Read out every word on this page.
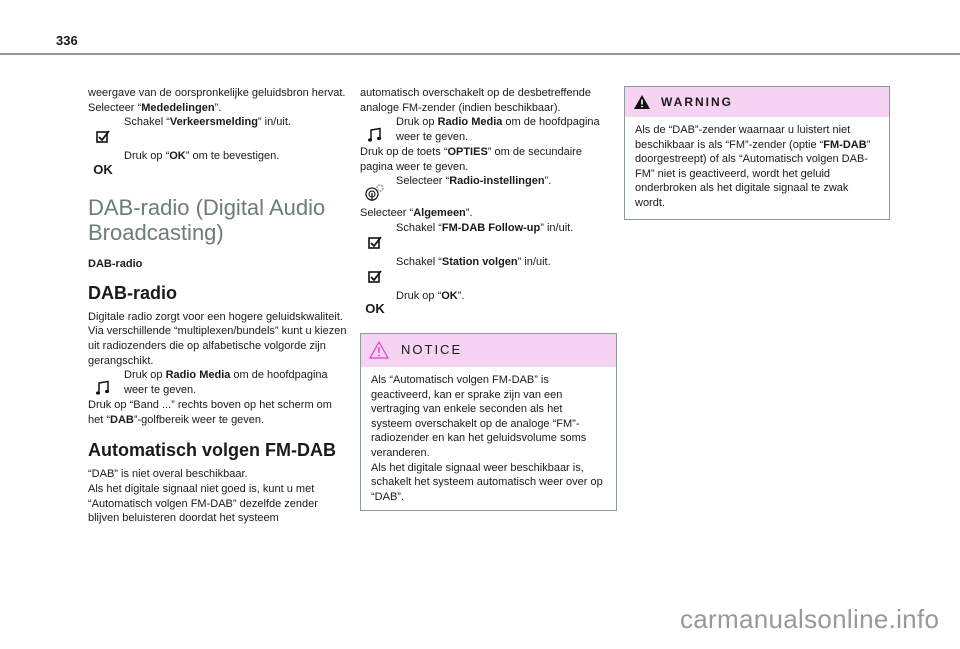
336
weergave van de oorspronkelijke geluidsbron hervat.
Selecteer “Mededelingen”.
Schakel “Verkeersmelding” in/uit.
OK
Druk op “OK” om te bevestigen.
DAB-radio (Digital Audio Broadcasting)
DAB-radio
DAB-radio
Digitale radio zorgt voor een hogere geluidskwaliteit.
Via verschillende “multiplexen/bundels” kunt u kiezen uit radiozenders die op alfabetische volgorde zijn gerangschikt.
Druk op Radio Media om de hoofdpagina weer te geven.
Druk op “Band ...” rechts boven op het scherm om het “DAB”-golfbereik weer te geven.
Automatisch volgen FM-DAB
“DAB” is niet overal beschikbaar.
Als het digitale signaal niet goed is, kunt u met “Automatisch volgen FM-DAB” dezelfde zender blijven beluisteren doordat het systeem
automatisch overschakelt op de desbetreffende analoge FM-zender (indien beschikbaar).
Druk op Radio Media om de hoofdpagina weer te geven.
Druk op de toets “OPTIES” om de secundaire pagina weer te geven.
Selecteer “Radio-instellingen”.
Selecteer “Algemeen”.
Schakel “FM-DAB Follow-up” in/uit.
Schakel “Station volgen” in/uit.
OK
Druk op “OK”.
NOTICE
Als “Automatisch volgen FM-DAB” is geactiveerd, kan er sprake zijn van een vertraging van enkele seconden als het systeem overschakelt op de analoge “FM”-radiozender en kan het geluidsvolume soms veranderen.
Als het digitale signaal weer beschikbaar is, schakelt het systeem automatisch weer over op “DAB”.
WARNING
Als de “DAB”-zender waarnaar u luistert niet beschikbaar is als “FM”-zender (optie “FM-DAB” doorgestreept) of als “Automatisch volgen DAB-FM” niet is geactiveerd, wordt het geluid onderbroken als het digitale signaal te zwak wordt.
carmanualsonline.info
